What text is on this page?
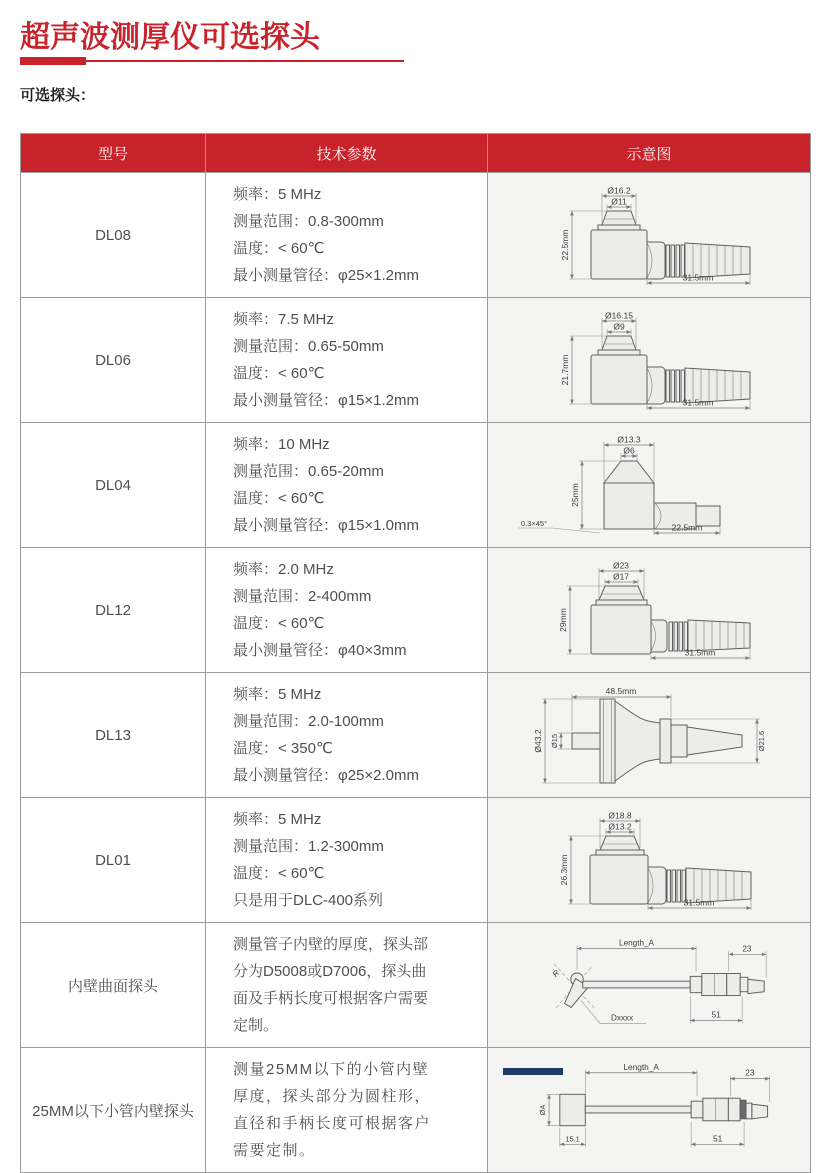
超声波测厚仪可选探头
可选探头：
型号	技术参数	示意图
DL08	
频率：5 MHz
测量范围：0.8-300mm
温度：< 60℃
最小测量管径：φ25×1.2mm

Ø16.2
Ø11
22.5mm
31.5mm

DL06	
频率：7.5 MHz
测量范围：0.65-50mm
温度：< 60℃
最小测量管径：φ15×1.2mm

Ø16.15
Ø9
21.7mm
31.5mm

DL04	
频率：10 MHz
测量范围：0.65-20mm
温度：< 60℃
最小测量管径：φ15×1.0mm

Ø13.3
Ø6
25mm
0.3×45°	22.5mm

DL12	
频率：2.0 MHz
测量范围：2-400mm
温度：< 60℃
最小测量管径：φ40×3mm

Ø23
Ø17
29mm
31.5mm

DL13	
频率：5 MHz
测量范围：2.0-100mm
温度：< 350℃
最小测量管径：φ25×2.0mm

48.5mm
Ø43.2 Ø15	Ø21.6

DL01	
频率：5 MHz
测量范围：1.2-300mm
温度：< 60℃
只是用于DLC-400系列

Ø18.8
Ø13.2
26.3mm
31.5mm

内壁曲面探头	测量管子内壁的厚度，探头部分为D5008或D7006，探头曲面及手柄长度可根据客户需要定制。	Length_A
23
R
Dxxxx 51

25MM以下小管内壁探头	测量25MM以下的小管内壁厚度，探头部分为圆柱形，直径和手柄长度可根据客户需要定制。	Length_A
23
ØA
15.1 51
